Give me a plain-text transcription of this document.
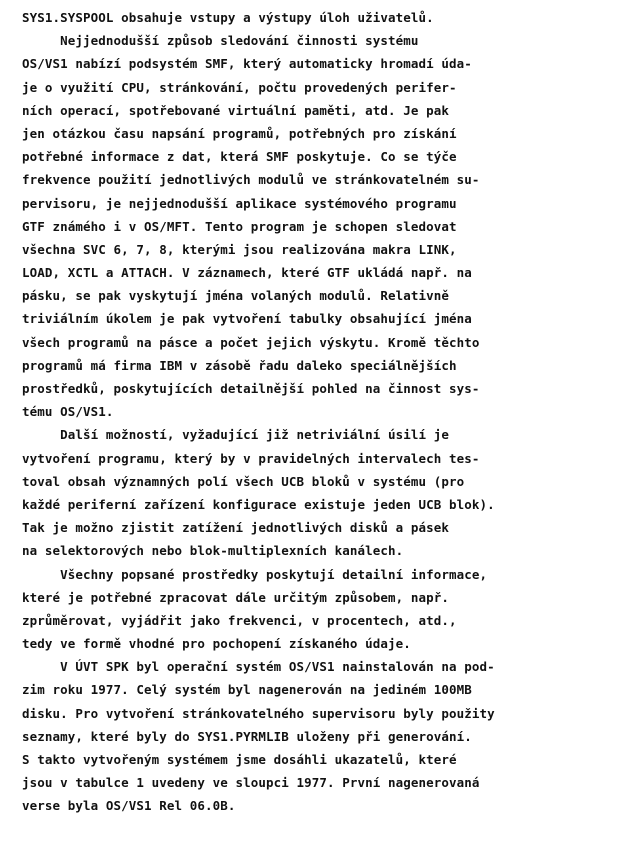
SYS1.SYSPOOL obsahuje vstupy a výstupy úloh uživatelů.
Nejjednodušší způsob sledování činnosti systému
OS/VS1 nabízí podsystém SMF, který automaticky hromadí úda-
je o využití CPU, stránkování, počtu provedených perifer-
ních operací, spotřebované virtuální paměti, atd. Je pak
jen otázkou času napsání programů, potřebných pro získání
potřebné informace z dat, která SMF poskytuje. Co se týče
frekvence použití jednotlivých modulů ve stránkovatelném su-
pervisoru, je nejjednodušší aplikace systémového programu
GTF známého i v OS/MFT. Tento program je schopen sledovat
všechna SVC 6, 7, 8, kterými jsou realizována makra LINK,
LOAD, XCTL a ATTACH. V záznamech, které GTF ukládá např. na
pásku, se pak vyskytují jména volaných modulů. Relativně
triviálním úkolem je pak vytvoření tabulky obsahující jména
všech programů na pásce a počet jejich výskytu. Kromě těchto
programů má firma IBM v zásobě řadu daleko speciálnějších
prostředků, poskytujících detailnější pohled na činnost sys-
tému OS/VS1.
Další možností, vyžadující již netriviální úsilí je
vytvoření programu, který by v pravidelných intervalech tes-
toval obsah významných polí všech UCB bloků v systému (pro
každé periferní zařízení konfigurace existuje jeden UCB blok).
Tak je možno zjistit zatížení jednotlivých disků a pásek
na selektorových nebo blok-multiplexních kanálech.
Všechny popsané prostředky poskytují detailní informace,
které je potřebné zpracovat dále určitým způsobem, např.
zprůměrovat, vyjádřit jako frekvenci, v procentech, atd.,
tedy ve formě vhodné pro pochopení získaného údaje.
V ÚVT SPK byl operační systém OS/VS1 nainstalován na pod-
zim roku 1977. Celý systém byl nagenerován na jediném 100MB
disku. Pro vytvoření stránkovatelného supervisoru byly použity
seznamy, které byly do SYS1.PYRMLIB uloženy při generování.
S takto vytvořeným systémem jsme dosáhli ukazatelů, které
jsou v tabulce 1 uvedeny ve sloupci 1977. První nagenerovaná
verse byla OS/VS1 Rel 06.0B.
